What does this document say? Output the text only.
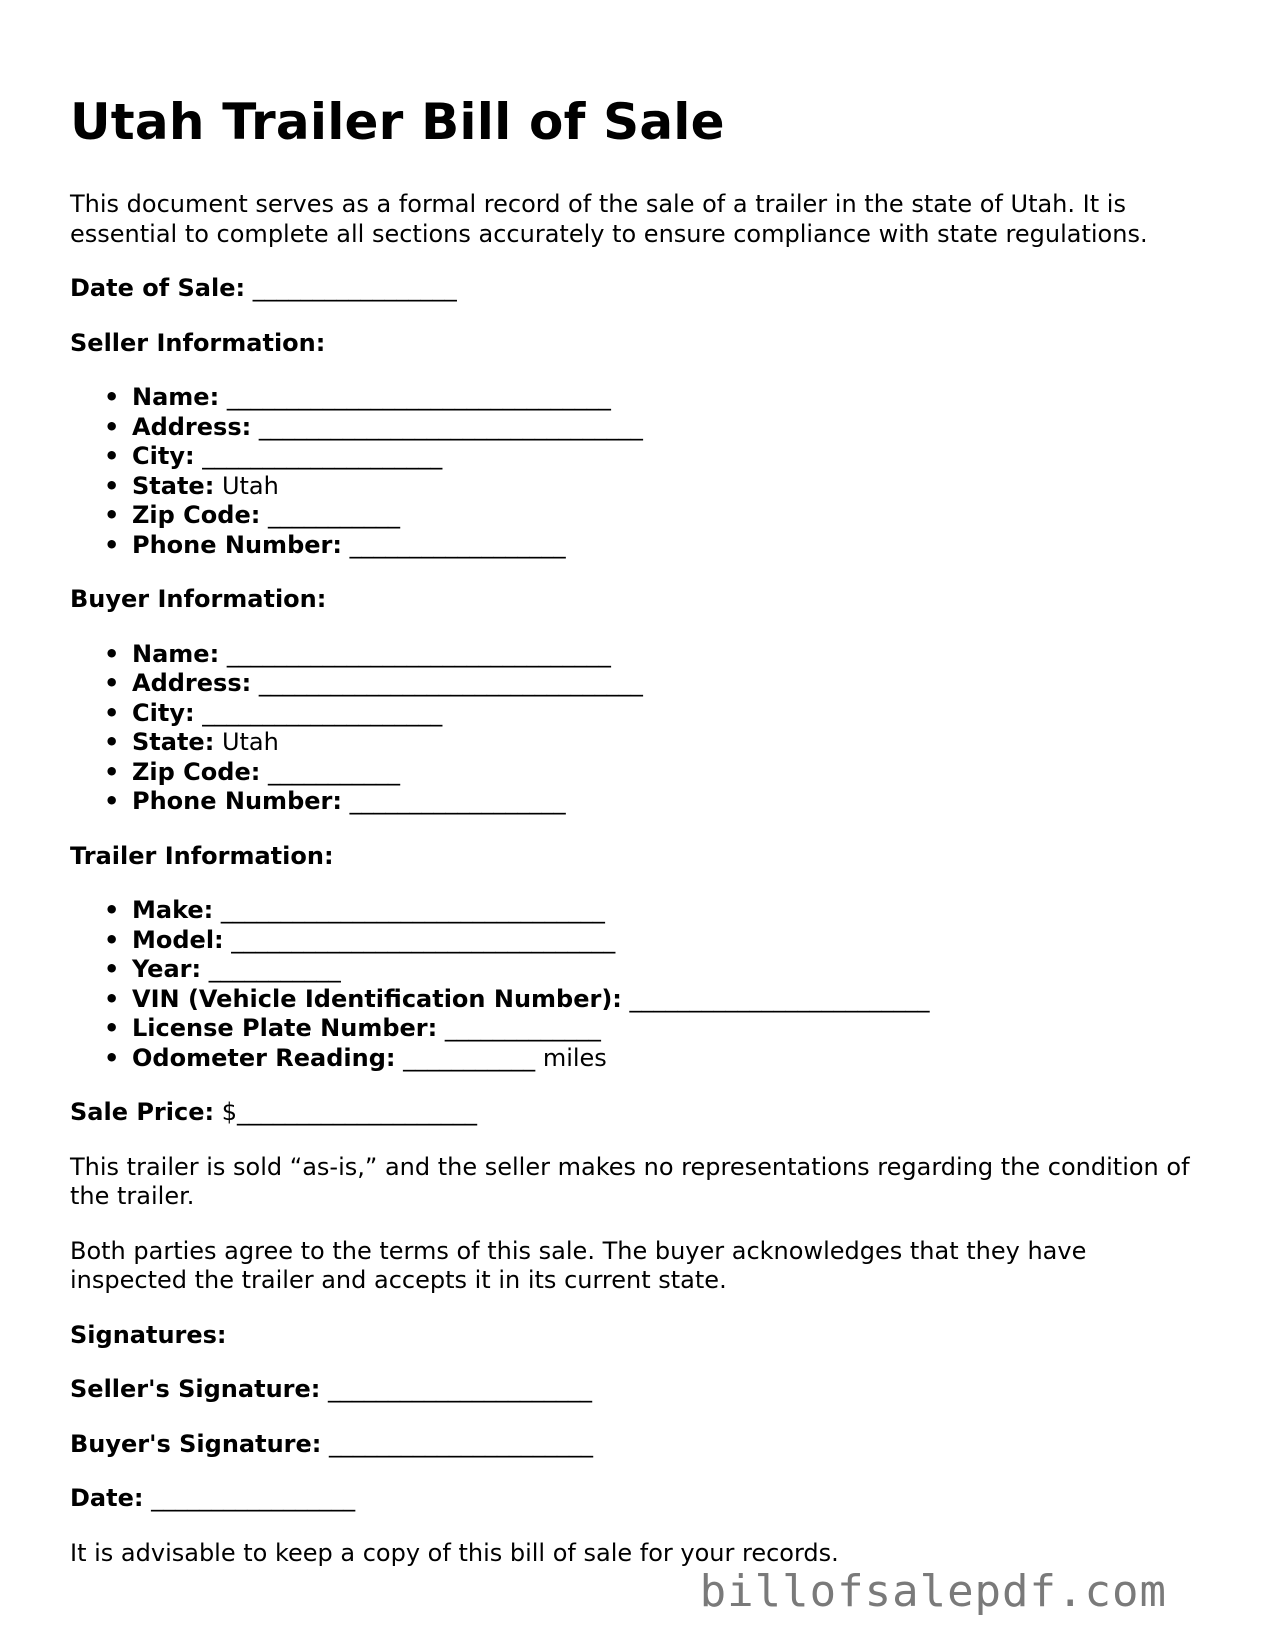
Utah Trailer Bill of Sale

This document serves as a formal record of the sale of a trailer in the state of Utah. It is essential to complete all sections accurately to ensure compliance with state regulations.

Date of Sale: _________________

Seller Information:

• Name: ________________________________
• Address: ________________________________
• City: ____________________
• State: Utah
• Zip Code: ___________
• Phone Number: __________________

Buyer Information:

• Name: ________________________________
• Address: ________________________________
• City: ____________________
• State: Utah
• Zip Code: ___________
• Phone Number: __________________

Trailer Information:

• Make: ________________________________
• Model: ________________________________
• Year: ___________
• VIN (Vehicle Identification Number): _________________________
• License Plate Number: _____________
• Odometer Reading: ___________ miles

Sale Price: $____________________

This trailer is sold “as-is,” and the seller makes no representations regarding the condition of the trailer.

Both parties agree to the terms of this sale. The buyer acknowledges that they have inspected the trailer and accepts it in its current state.

Signatures:

Seller's Signature: ______________________

Buyer's Signature: ______________________

Date: _________________

It is advisable to keep a copy of this bill of sale for your records.

billofsalepdf.com
